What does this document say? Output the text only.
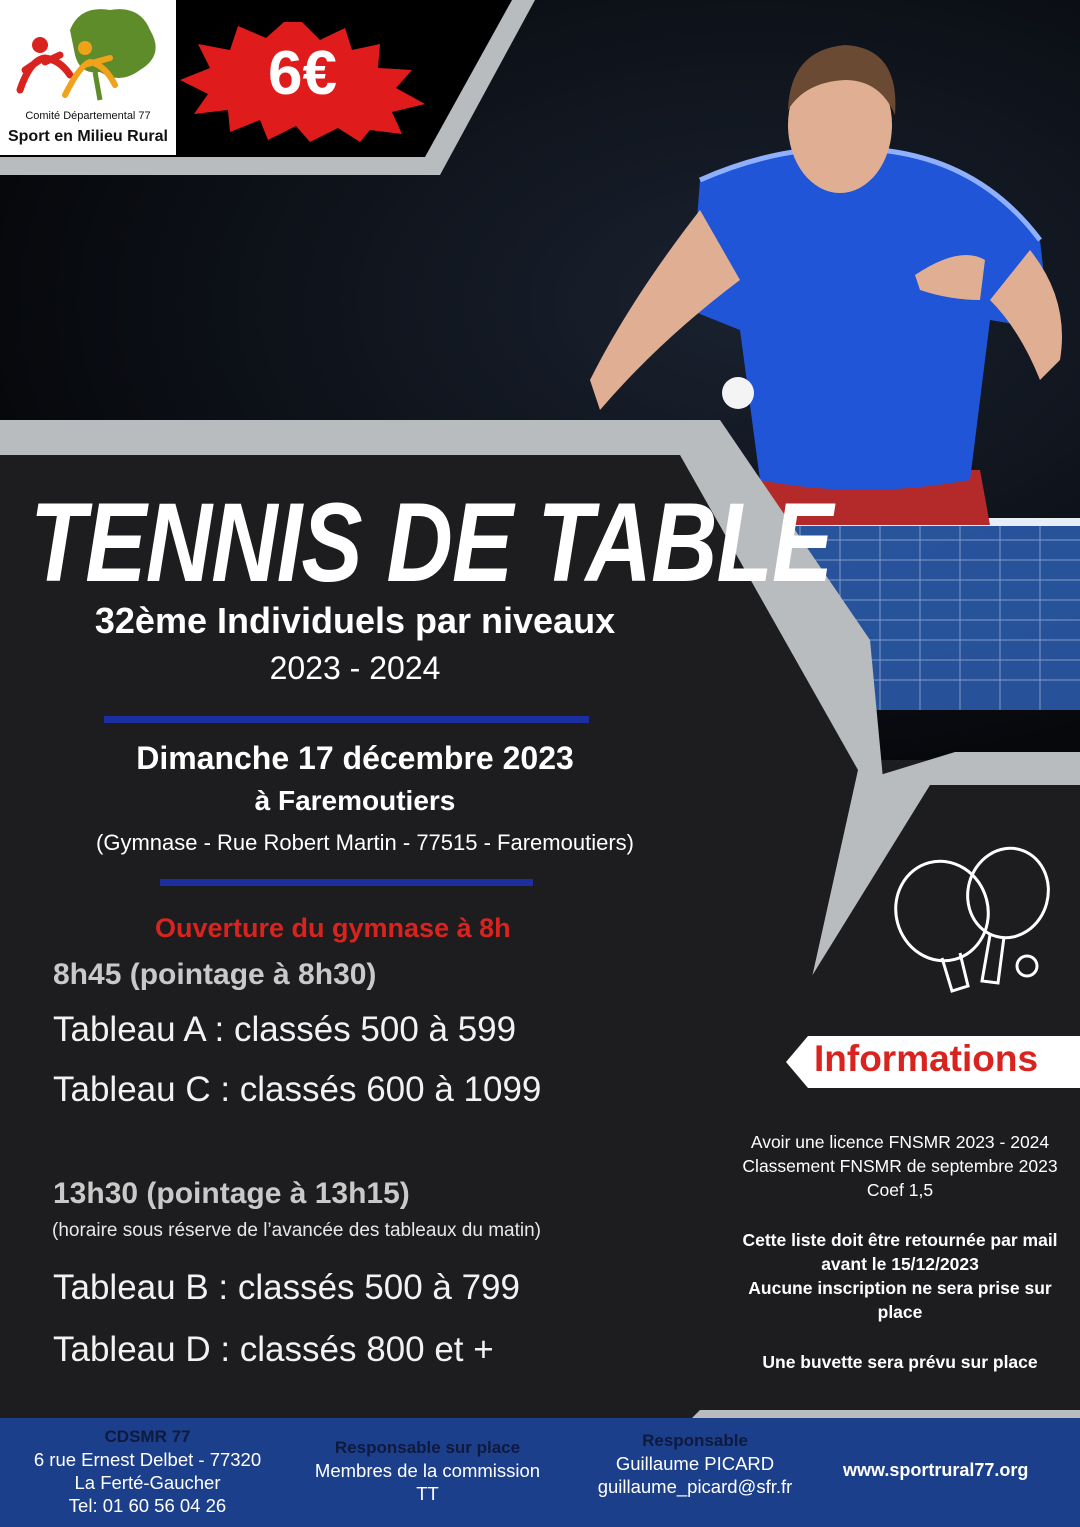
Comité Départemental 77
Sport en Milieu Rural
6€
TENNIS DE TABLE
32ème Individuels par niveaux
2023 - 2024
Dimanche 17 décembre 2023
à Faremoutiers
(Gymnase - Rue Robert Martin - 77515 - Faremoutiers)
Ouverture du gymnase à 8h
8h45 (pointage à 8h30)
Tableau A : classés 500 à 599
Tableau C : classés 600 à 1099
13h30 (pointage à 13h15)
(horaire sous réserve de l’avancée des tableaux du matin)
Tableau B : classés 500 à 799
Tableau D : classés 800 et +
Informations
Avoir une licence FNSMR 2023 - 2024
Classement FNSMR de septembre 2023
Coef 1,5
Cette liste doit être retournée par mail
avant le 15/12/2023
Aucune inscription ne sera prise sur
place
Une buvette sera prévu sur place
CDSMR 77
6 rue Ernest Delbet - 77320
La Ferté-Gaucher
Tel: 01 60 56 04 26
Responsable sur place
Membres de la commission
TT
Responsable
Guillaume PICARD
guillaume_picard@sfr.fr
www.sportrural77.org
